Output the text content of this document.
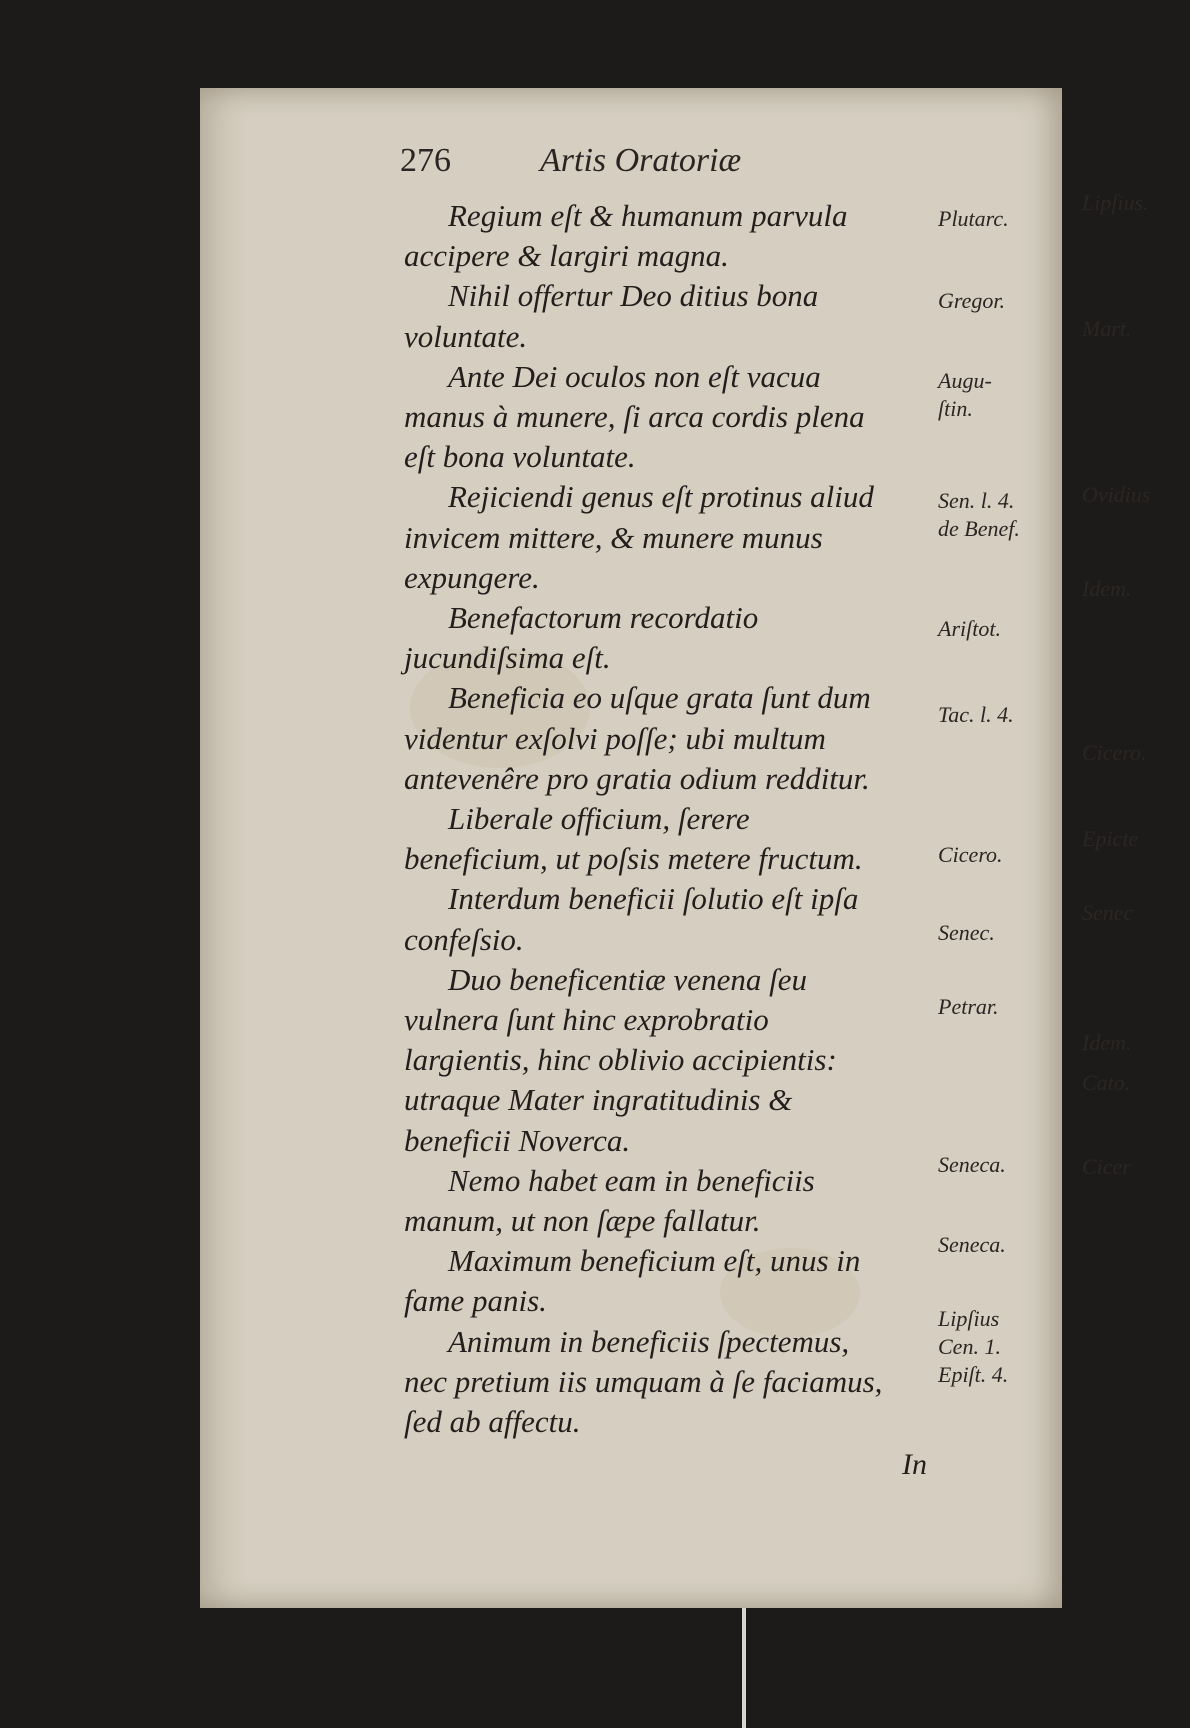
276	Artis Oratoriæ

Regium eſt & humanum parvula accipere & largiri magna.

Nihil offertur Deo ditius bona voluntate.

Ante Dei oculos non eſt vacua manus à munere, ſi arca cordis plena eſt bona voluntate.

Rejiciendi genus eſt protinus aliud invicem mittere, & munere munus expungere.

Benefactorum recordatio jucundiſsima eſt.

Beneficia eo uſque grata ſunt dum videntur exſolvi poſſe; ubi multum antevenêre pro gratia odium redditur.

Liberale officium, ſerere beneficium, ut poſsis metere fructum.

Interdum beneficii ſolutio eſt ipſa confeſsio.

Duo beneficentiæ venena ſeu vulnera ſunt hinc exprobratio largientis, hinc oblivio accipientis: utraque Mater ingratitudinis & beneficii Noverca.

Nemo habet eam in beneficiis manum, ut non ſæpe fallatur.

Maximum beneficium eſt, unus in fame panis.

Animum in beneficiis ſpectemus, nec pretium iis umquam à ſe faciamus, ſed ab affectu.

Plutarc.
Gregor.
Augu-
ſtin.
Sen. l. 4.
de Benef.
Ariſtot.
Tac. l. 4.
Cicero.
Senec.
Petrar.
Seneca.
Seneca.
Lipſius
Cen. 1.
Epiſt. 4.
In
Lipſius.
Mart.
Ovidius
Idem.
Cicero.
Epicte
Senec
Idem.
Cato.
Cicer
